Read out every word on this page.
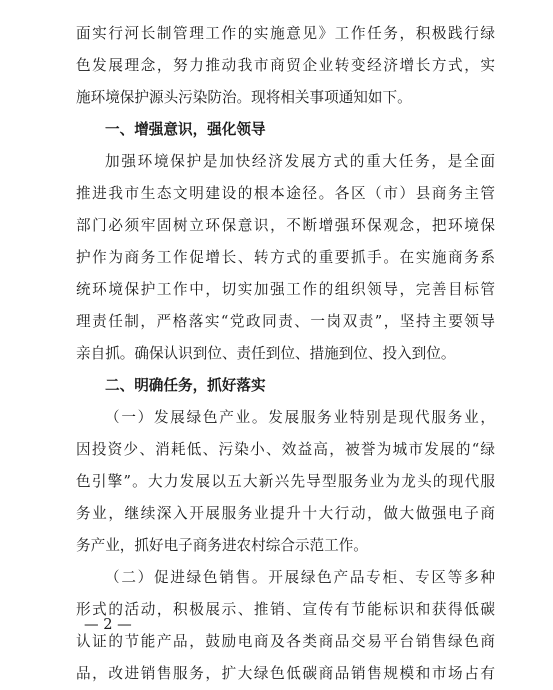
面实行河长制管理工作的实施意见》工作任务，积极践行绿
色发展理念，努力推动我市商贸企业转变经济增长方式，实
施环境保护源头污染防治。现将相关事项通知如下。
一、增强意识，强化领导
加强环境保护是加快经济发展方式的重大任务，是全面
推进我市生态文明建设的根本途径。各区（市）县商务主管
部门必须牢固树立环保意识，不断增强环保观念，把环境保
护作为商务工作促增长、转方式的重要抓手。在实施商务系
统环境保护工作中，切实加强工作的组织领导，完善目标管
理责任制，严格落实“党政同责、一岗双责”，坚持主要领导
亲自抓。确保认识到位、责任到位、措施到位、投入到位。
二、明确任务，抓好落实
（一）发展绿色产业。发展服务业特别是现代服务业，
因投资少、消耗低、污染小、效益高，被誉为城市发展的“绿
色引擎”。大力发展以五大新兴先导型服务业为龙头的现代服
务业，继续深入开展服务业提升十大行动，做大做强电子商
务产业，抓好电子商务进农村综合示范工作。
（二）促进绿色销售。开展绿色产品专柜、专区等多种
形式的活动，积极展示、推销、宣传有节能标识和获得低碳
认证的节能产品，鼓励电商及各类商品交易平台销售绿色商
品，改进销售服务，扩大绿色低碳商品销售规模和市场占有
— 2 —
